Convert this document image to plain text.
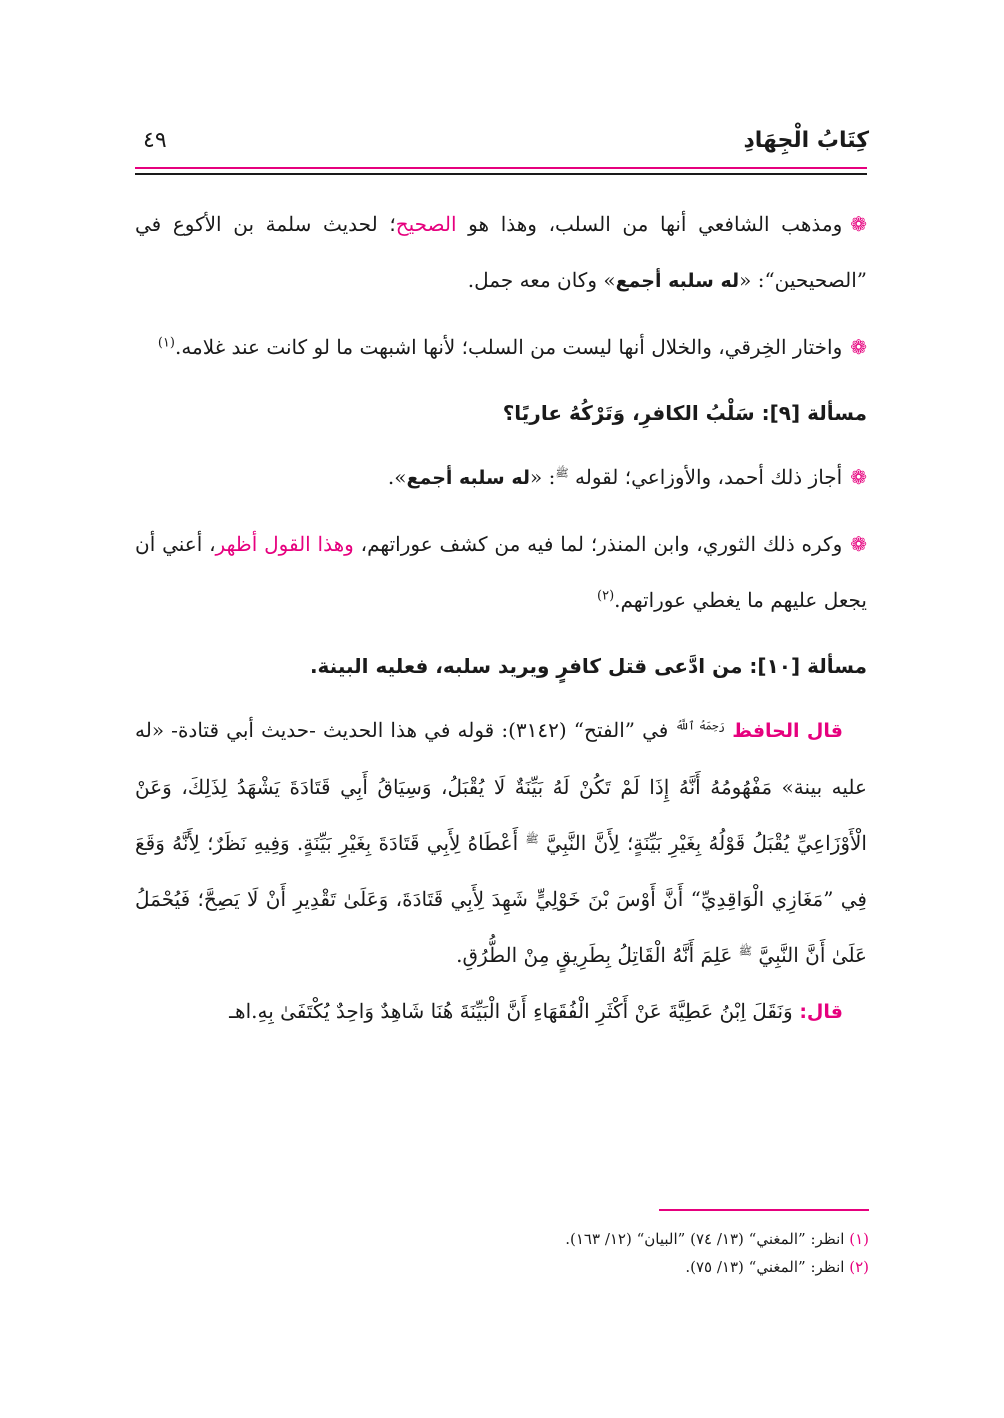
كِتَابُ الْجِهَادِ
٤٩

❁ومذهب الشافعي أنها من السلب، وهذا هو الصحيح؛ لحديث سلمة بن الأكوع في ”الصحيحين“: «له سلبه أجمع» وكان معه جمل.

❁واختار الخِرقي، والخلال أنها ليست من السلب؛ لأنها اشبهت ما لو كانت عند غلامه.$^{(١)}$

مسألة [٩]: سَلْبُ الكافرِ، وَتَرْكُهُ عاريًا؟

❁أجاز ذلك أحمد، والأوزاعي؛ لقوله $^ﷺ$: «له سلبه أجمع».

❁وكره ذلك الثوري، وابن المنذر؛ لما فيه من كشف عوراتهم، وهذا القول أظهر، أعني أن يجعل عليهم ما يغطي عوراتهم.$^{(٢)}$

مسألة [١٠]: من ادَّعى قتل كافرٍ ويريد سلبه، فعليه البينة.

قال الحافظ $^{رَحِمَهُ ٱللَّهُ}$ في ”الفتح“ (٣١٤٢): قوله في هذا الحديث -حديث أبي قتادة- «له عليه بينة» مَفْهُومُهُ أَنَّهُ إِذَا لَمْ تَكُنْ لَهُ بَيِّنَةٌ لَا يُقْبَلُ، وَسِيَاقُ أَبِي قَتَادَةَ يَشْهَدُ لِذَلِكَ، وَعَنْ الْأَوْزَاعِيِّ يُقْبَلُ قَوْلُهُ بِغَيْرِ بَيِّنَةٍ؛ لِأَنَّ النَّبِيَّ $^ﷺ$ أَعْطَاهُ لِأَبِي قَتَادَةَ بِغَيْرِ بَيِّنَةٍ. وَفِيهِ نَظَرٌ؛ لِأَنَّهُ وَقَعَ فِي ”مَغَازِي الْوَاقِدِيِّ“ أَنَّ أَوْسَ بْنَ خَوْلِيٍّ شَهِدَ لِأَبِي قَتَادَةَ، وَعَلَىٰ تَقْدِيرِ أَنْ لَا يَصِحَّ؛ فَيُحْمَلُ عَلَىٰ أَنَّ النَّبِيَّ $^ﷺ$ عَلِمَ أَنَّهُ الْقَاتِلُ بِطَرِيقٍ مِنْ الطُّرُقِ.

قال: وَنَقَلَ اِبْنُ عَطِيَّةَ عَنْ أَكْثَرِ الْفُقَهَاءِ أَنَّ الْبَيِّنَةَ هُنَا شَاهِدٌ وَاحِدٌ يُكْتَفَىٰ بِهِ.اهـ

(١) انظر: ”المغني“ (١٣/ ٧٤) ”البيان“ (١٢/ ١٦٣).
(٢) انظر: ”المغني“ (١٣/ ٧٥).
